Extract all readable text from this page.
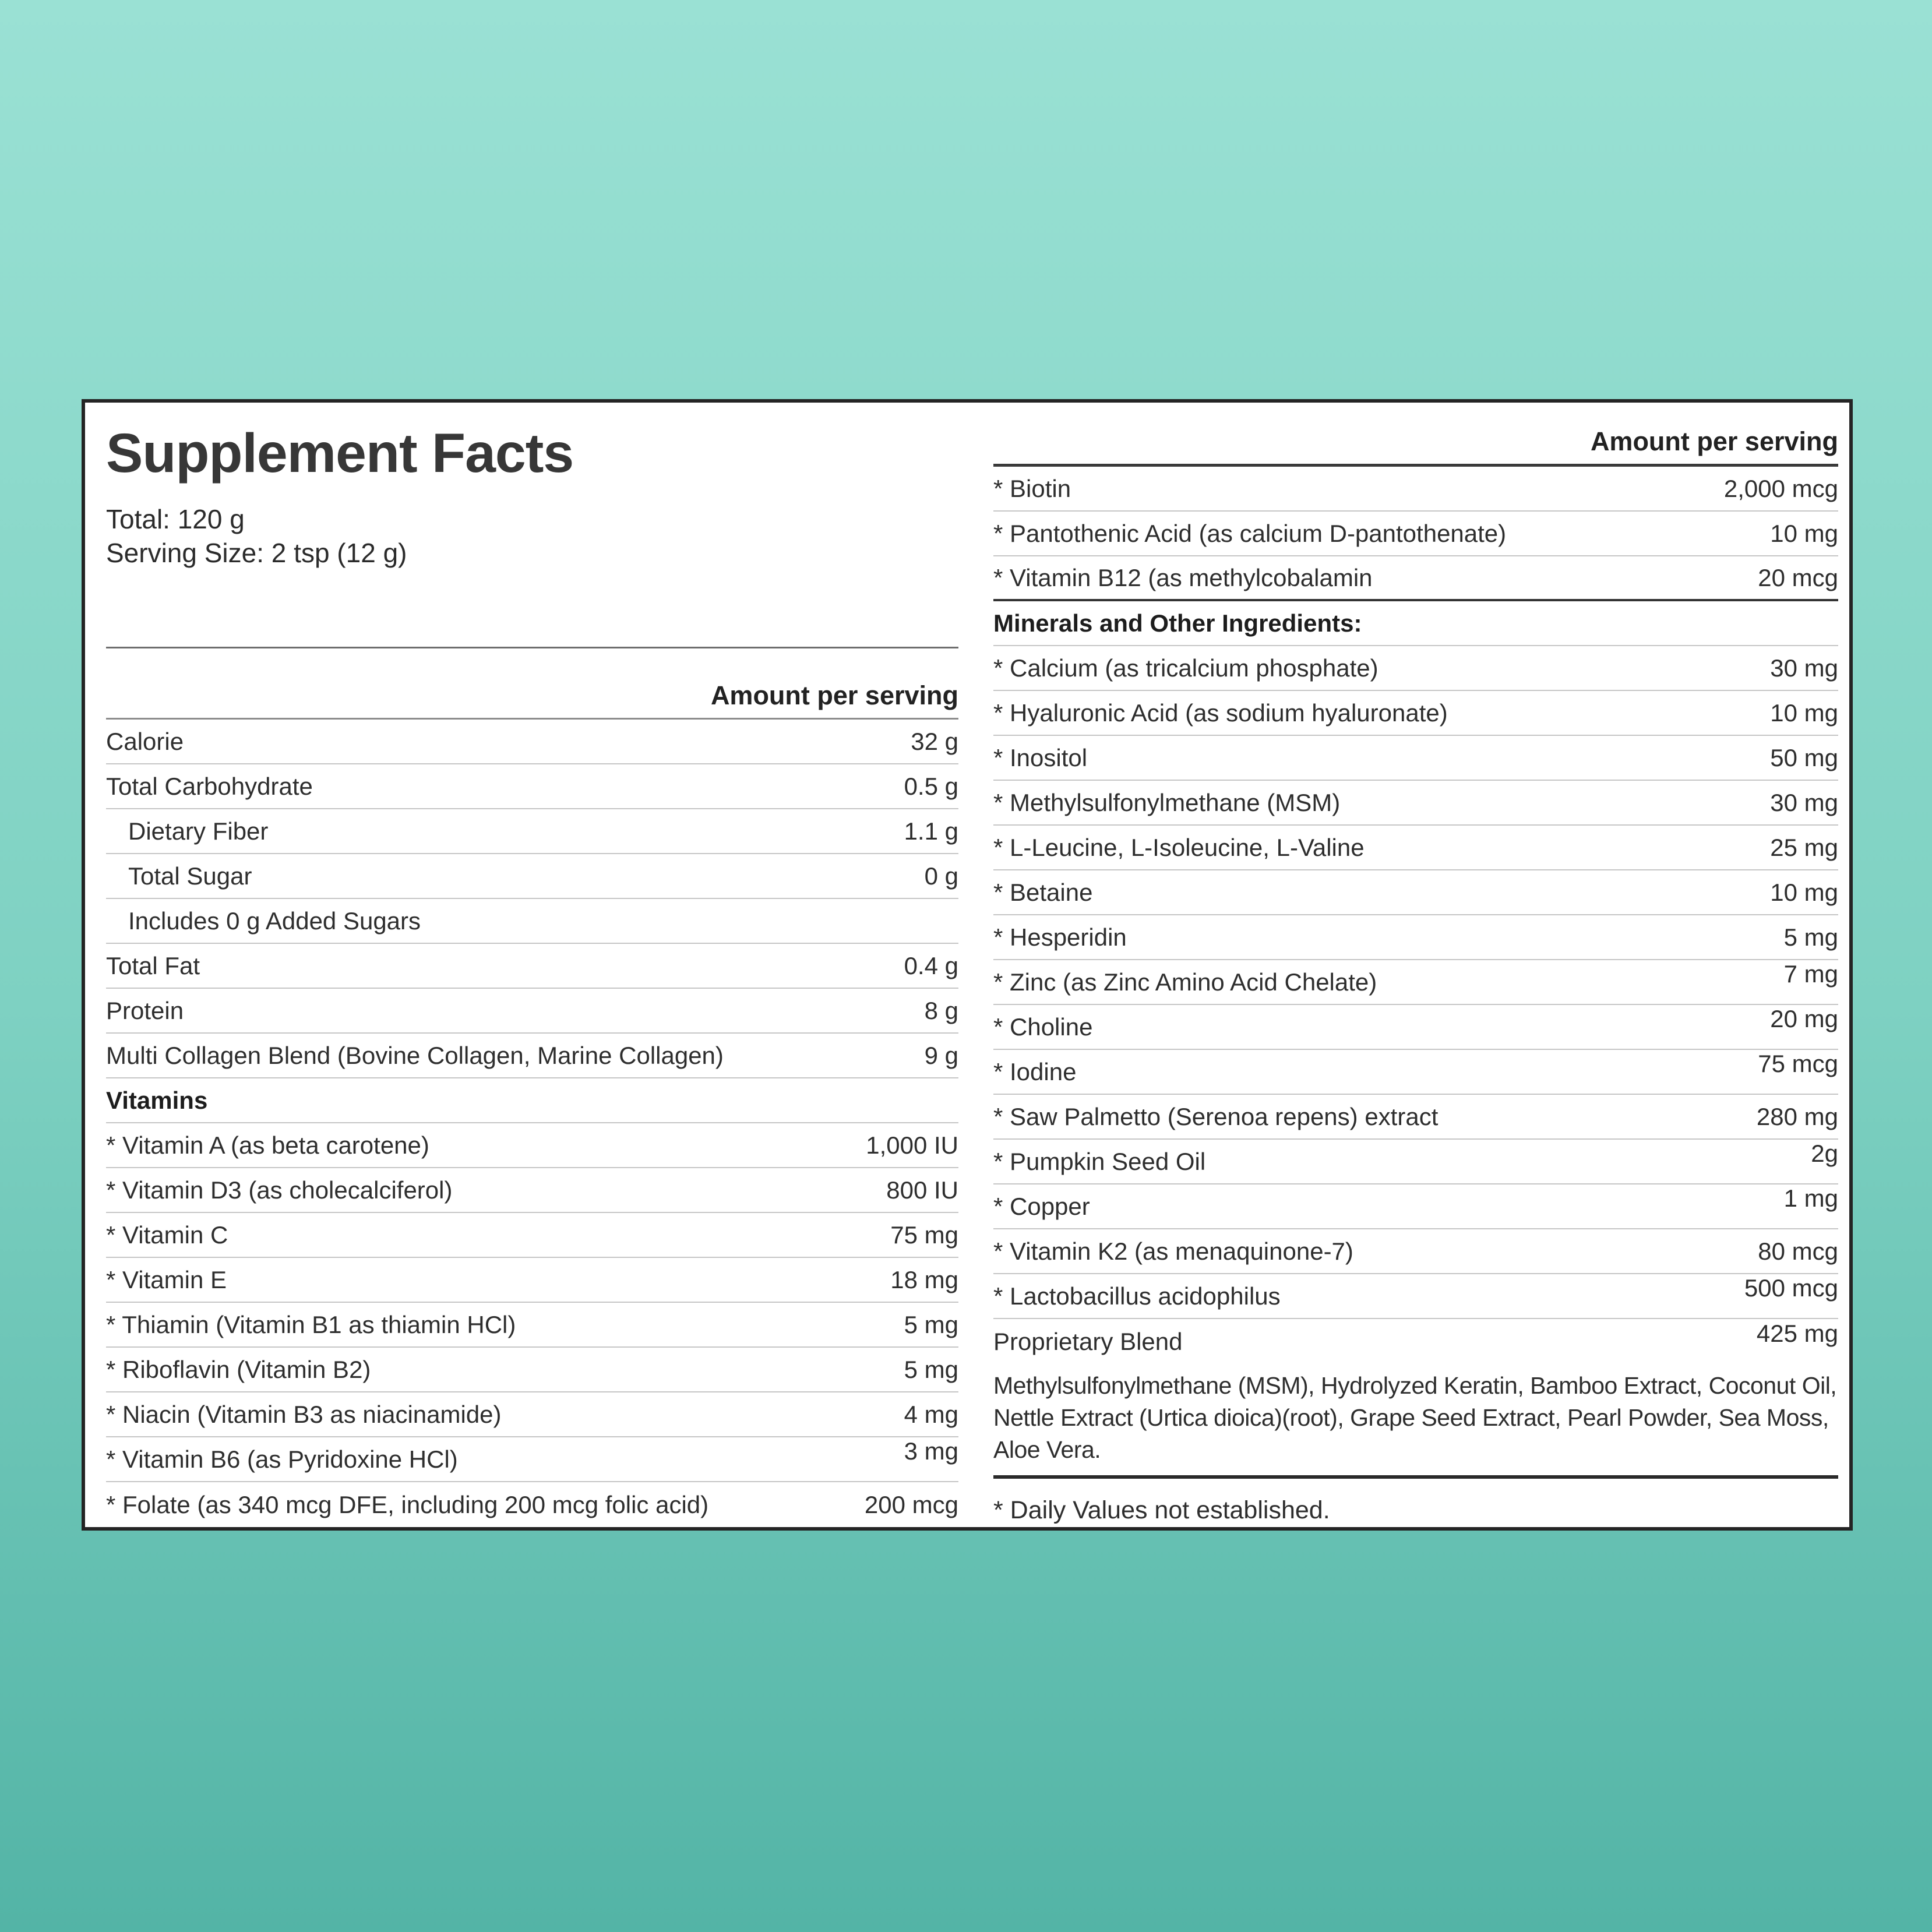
Supplement Facts
Total: 120 g
Serving Size: 2 tsp (12 g)
Amount per serving
Calorie	32 g
Total Carbohydrate	0.5 g
Dietary Fiber	1.1 g
Total Sugar	0 g
Includes 0 g Added Sugars
Total Fat	0.4 g
Protein	8 g
Multi Collagen Blend (Bovine Collagen, Marine Collagen)	9 g
Vitamins
* Vitamin A (as beta carotene)	1,000 IU
* Vitamin D3 (as cholecalciferol)	800 IU
* Vitamin C	75 mg
* Vitamin E	18 mg
* Thiamin (Vitamin B1 as thiamin HCl)	5 mg
* Riboflavin (Vitamin B2)	5 mg
* Niacin (Vitamin B3 as niacinamide)	4 mg
* Vitamin B6 (as Pyridoxine HCl)	3 mg
* Folate (as 340 mcg DFE, including 200 mcg folic acid)	200 mcg
Amount per serving
* Biotin	2,000 mcg
* Pantothenic Acid (as calcium D-pantothenate)	10 mg
* Vitamin B12 (as methylcobalamin	20 mcg
Minerals and Other Ingredients:
* Calcium (as tricalcium phosphate)	30 mg
* Hyaluronic Acid (as sodium hyaluronate)	10 mg
* Inositol	50 mg
* Methylsulfonylmethane (MSM)	30 mg
* L-Leucine, L-Isoleucine, L-Valine	25 mg
* Betaine	10 mg
* Hesperidin	5 mg
* Zinc (as Zinc Amino Acid Chelate)	7 mg
* Choline	20 mg
* Iodine	75 mcg
* Saw Palmetto (Serenoa repens) extract	280 mg
* Pumpkin Seed Oil	2g
* Copper	1 mg
* Vitamin K2 (as menaquinone-7)	80 mcg
* Lactobacillus acidophilus	500 mcg
Proprietary Blend	425 mg

Methylsulfonylmethane (MSM), Hydrolyzed Keratin, Bamboo Extract, Coconut Oil, Nettle Extract (Urtica dioica)(root), Grape Seed Extract, Pearl Powder, Sea Moss, Aloe Vera.

* Daily Values not established.
